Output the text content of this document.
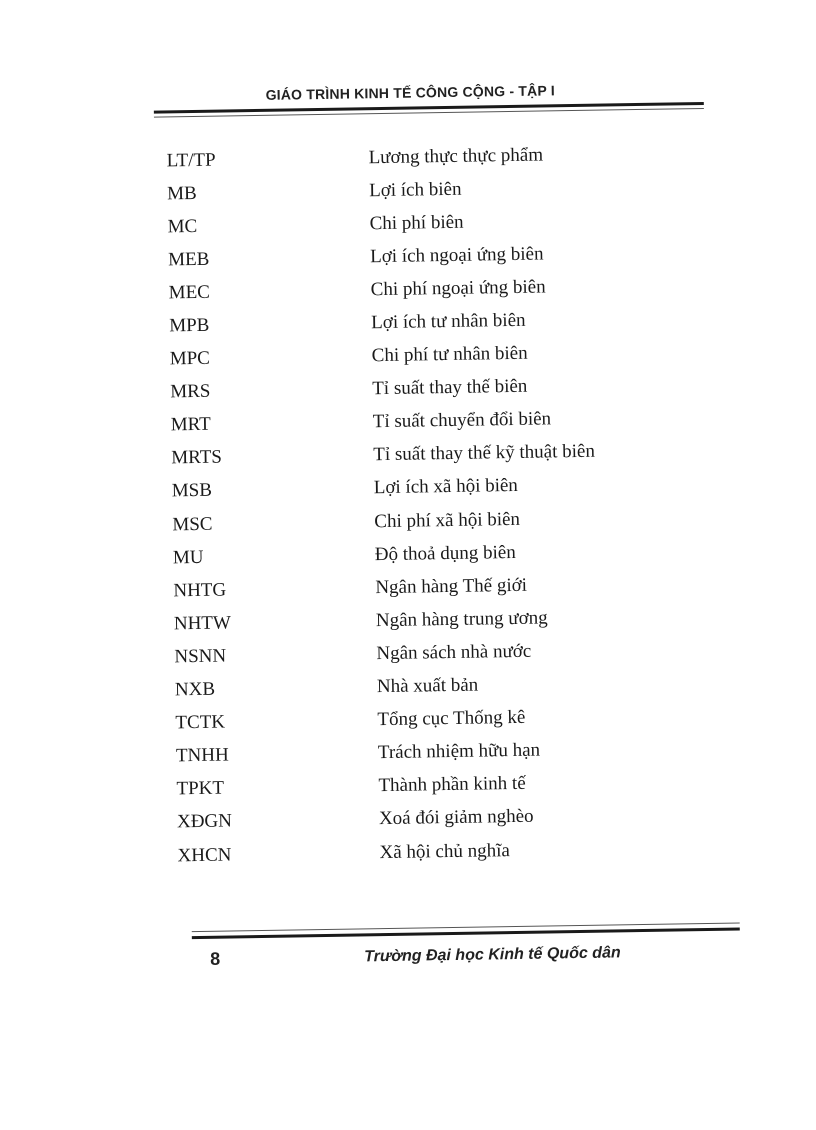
GIÁO TRÌNH KINH TẾ CÔNG CỘNG - TẬP I
LT/TP	Lương thực thực phẩm
MB	Lợi ích biên
MC	Chi phí biên
MEB	Lợi ích ngoại ứng biên
MEC	Chi phí ngoại ứng biên
MPB	Lợi ích tư nhân biên
MPC	Chi phí tư nhân biên
MRS	Tỉ suất thay thế biên
MRT	Tỉ suất chuyển đổi biên
MRTS	Tỉ suất thay thế kỹ thuật biên
MSB	Lợi ích xã hội biên
MSC	Chi phí xã hội biên
MU	Độ thoả dụng biên
NHTG	Ngân hàng Thế giới
NHTW	Ngân hàng trung ương
NSNN	Ngân sách nhà nước
NXB	Nhà xuất bản
TCTK	Tổng cục Thống kê
TNHH	Trách nhiệm hữu hạn
TPKT	Thành phần kinh tế
XĐGN	Xoá đói giảm nghèo
XHCN	Xã hội chủ nghĩa
8	Trường Đại học Kinh tế Quốc dân
